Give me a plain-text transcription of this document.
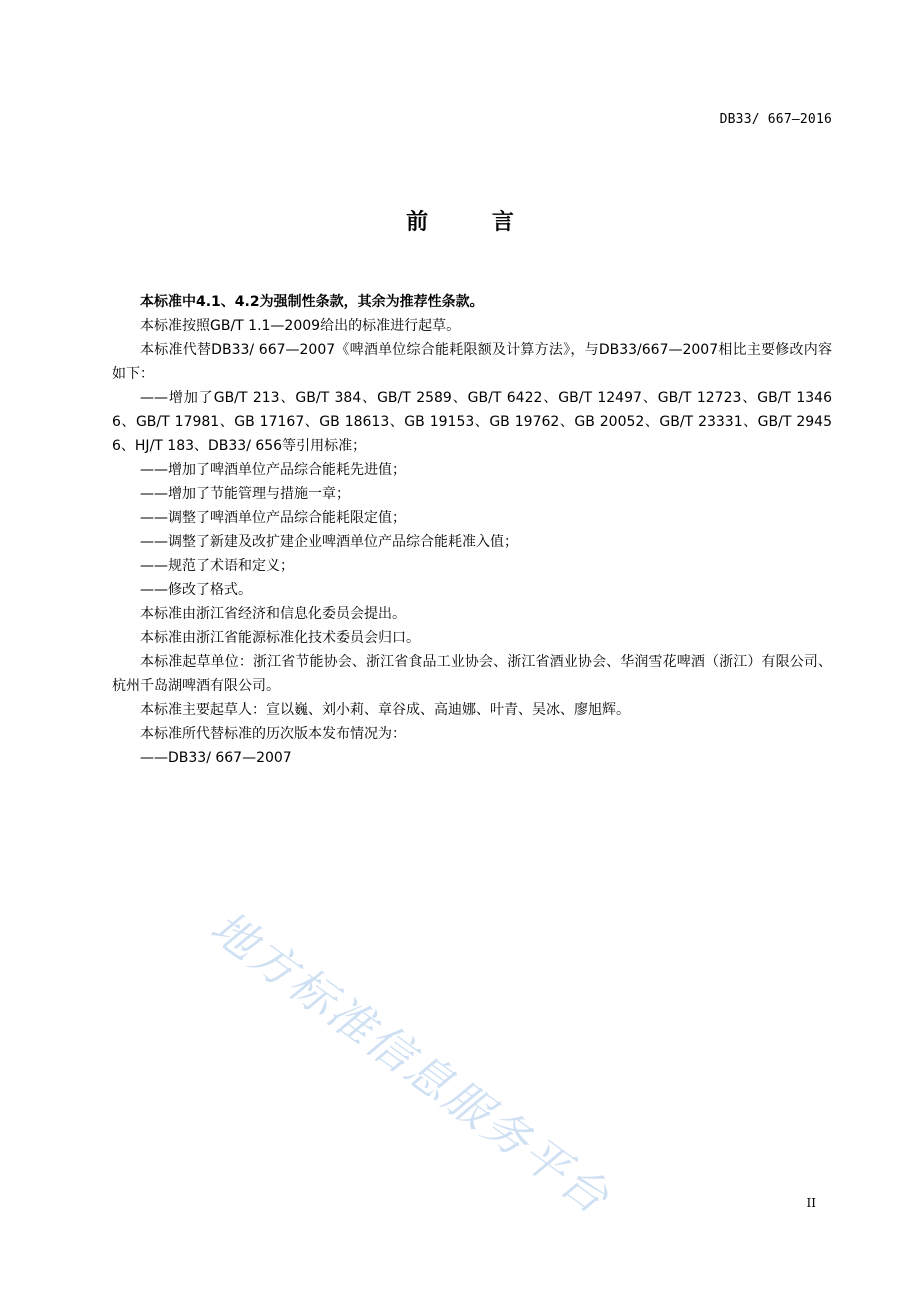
DB33/ 667—2016
前 言

本标准中4.1、4.2为强制性条款，其余为推荐性条款。

本标准按照GB/T 1.1—2009给出的标准进行起草。

本标准代替DB33/ 667—2007《啤酒单位综合能耗限额及计算方法》，与DB33/667—2007相比主要修改内容如下：

——增加了GB/T 213、GB/T 384、GB/T 2589、GB/T 6422、GB/T 12497、GB/T 12723、GB/T 13466、GB/T 17981、GB 17167、GB 18613、GB 19153、GB 19762、GB 20052、GB/T 23331、GB/T 29456、HJ/T 183、DB33/ 656等引用标准；

——增加了啤酒单位产品综合能耗先进值；

——增加了节能管理与措施一章；

——调整了啤酒单位产品综合能耗限定值；

——调整了新建及改扩建企业啤酒单位产品综合能耗准入值；

——规范了术语和定义；

——修改了格式。

本标准由浙江省经济和信息化委员会提出。

本标准由浙江省能源标准化技术委员会归口。

本标准起草单位：浙江省节能协会、浙江省食品工业协会、浙江省酒业协会、华润雪花啤酒（浙江）有限公司、杭州千岛湖啤酒有限公司。

本标准主要起草人：宣以巍、刘小莉、章谷成、高迪娜、叶青、吴冰、廖旭辉。

本标准所代替标准的历次版本发布情况为：

——DB33/ 667—2007

地方标准信息服务平台	II
